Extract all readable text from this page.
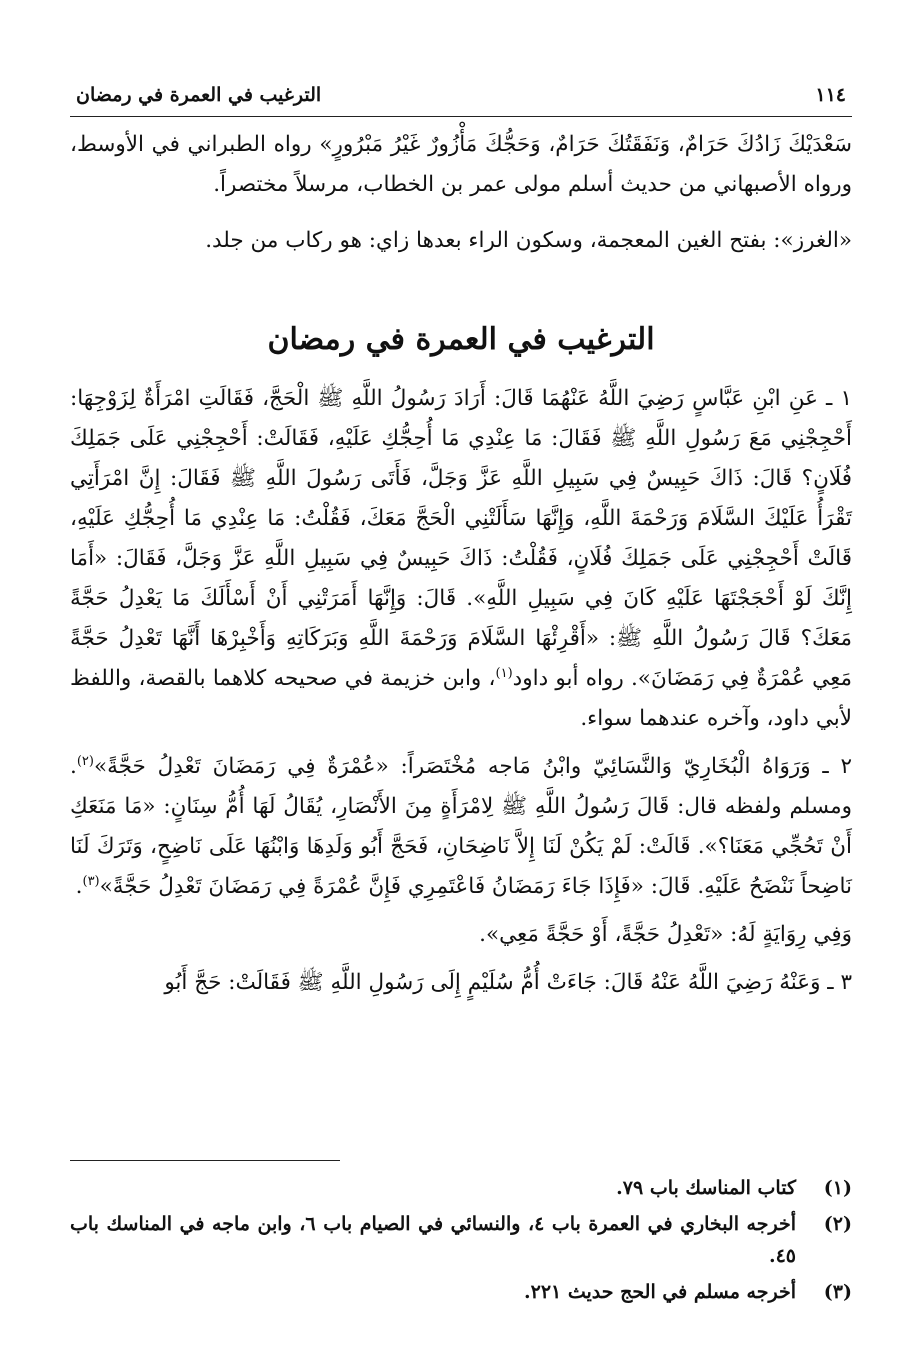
١١٤
الترغيب في العمرة في رمضان

سَعْدَيْكَ زَادُكَ حَرَامٌ، وَنَفَقَتُكَ حَرَامٌ، وَحَجُّكَ مَأْزُورٌ غَيْرُ مَبْرُورٍ» رواه الطبراني في الأوسط، ورواه الأصبهاني من حديث أسلم مولى عمر بن الخطاب، مرسلاً مختصراً.

«الغرز»: بفتح الغين المعجمة، وسكون الراء بعدها زاي: هو ركاب من جلد.

الترغيب في العمرة في رمضان

١ ـ عَنِ ابْنِ عَبَّاسٍ رَضِيَ اللَّهُ عَنْهُمَا قَالَ: أَرَادَ رَسُولُ اللَّهِ ﷺ الْحَجَّ، فَقَالَتِ امْرَأَةٌ لِزَوْجِهَا: أَحْجِجْنِي مَعَ رَسُولِ اللَّهِ ﷺ فَقَالَ: مَا عِنْدِي مَا أُحِجُّكِ عَلَيْهِ، فَقَالَتْ: أَحْجِجْنِي عَلَى جَمَلِكَ فُلَانٍ؟ قَالَ: ذَاكَ حَبِيسٌ فِي سَبِيلِ اللَّهِ عَزَّ وَجَلَّ، فَأَتَى رَسُولَ اللَّهِ ﷺ فَقَالَ: إِنَّ امْرَأَتِي تَقْرَأُ عَلَيْكَ السَّلَامَ وَرَحْمَةَ اللَّهِ، وَإِنَّهَا سَأَلَتْنِي الْحَجَّ مَعَكَ، فَقُلْتُ: مَا عِنْدِي مَا أُحِجُّكِ عَلَيْهِ، قَالَتْ أَحْجِجْنِي عَلَى جَمَلِكَ فُلَانٍ، فَقُلْتُ: ذَاكَ حَبِيسٌ فِي سَبِيلِ اللَّهِ عَزَّ وَجَلَّ، فَقَالَ: «أَمَا إِنَّكَ لَوْ أَحْجَجْتَهَا عَلَيْهِ كَانَ فِي سَبِيلِ اللَّهِ». قَالَ: وَإِنَّهَا أَمَرَتْنِي أَنْ أَسْأَلَكَ مَا يَعْدِلُ حَجَّةً مَعَكَ؟ قَالَ رَسُولُ اللَّهِ ﷺ: «أَقْرِئْهَا السَّلَامَ وَرَحْمَةَ اللَّهِ وَبَرَكَاتِهِ وَأَخْبِرْهَا أَنَّهَا تَعْدِلُ حَجَّةً مَعِي عُمْرَةٌ فِي رَمَضَانَ». رواه أبو داود$^{(١)}$، وابن خزيمة في صحيحه كلاهما بالقصة، واللفظ لأبي داود، وآخره عندهما سواء.

٢ ـ وَرَوَاهُ الْبُخَارِيّ وَالنَّسَائِيّ وابْنُ مَاجه مُخْتَصَراً: «عُمْرَةٌ فِي رَمَضَانَ تَعْدِلُ حَجَّةً»$^{(٢)}$. ومسلم ولفظه قال: قَالَ رَسُولُ اللَّهِ ﷺ لِامْرَأَةٍ مِنَ الأَنْصَارِ، يُقَالُ لَهَا أُمُّ سِنَانٍ: «مَا مَنَعَكِ أَنْ تَحُجِّي مَعَنَا؟». قَالَتْ: لَمْ يَكُنْ لَنَا إِلاَّ نَاضِحَانِ، فَحَجَّ أَبُو وَلَدِهَا وَابْنُهَا عَلَى نَاضِحٍ، وَتَرَكَ لَنَا نَاضِحاً نَنْضَحُ عَلَيْهِ. قَالَ: «فَإِذَا جَاءَ رَمَضَانُ فَاعْتَمِرِي فَإِنَّ عُمْرَةً فِي رَمَضَانَ تَعْدِلُ حَجَّةً»$^{(٣)}$.

وَفِي رِوَايَةٍ لَهُ: «تَعْدِلُ حَجَّةً، أَوْ حَجَّةً مَعِي».

٣ ـ وَعَنْهُ رَضِيَ اللَّهُ عَنْهُ قَالَ: جَاءَتْ أُمُّ سُلَيْمٍ إِلَى رَسُولِ اللَّهِ ﷺ فَقَالَتْ: حَجَّ أَبُو

(١)
كتاب المناسك باب ٧٩.
(٢)
أخرجه البخاري في العمرة باب ٤، والنسائي في الصيام باب ٦، وابن ماجه في المناسك باب ٤٥.
(٣)
أخرجه مسلم في الحج حديث ٢٢١.
